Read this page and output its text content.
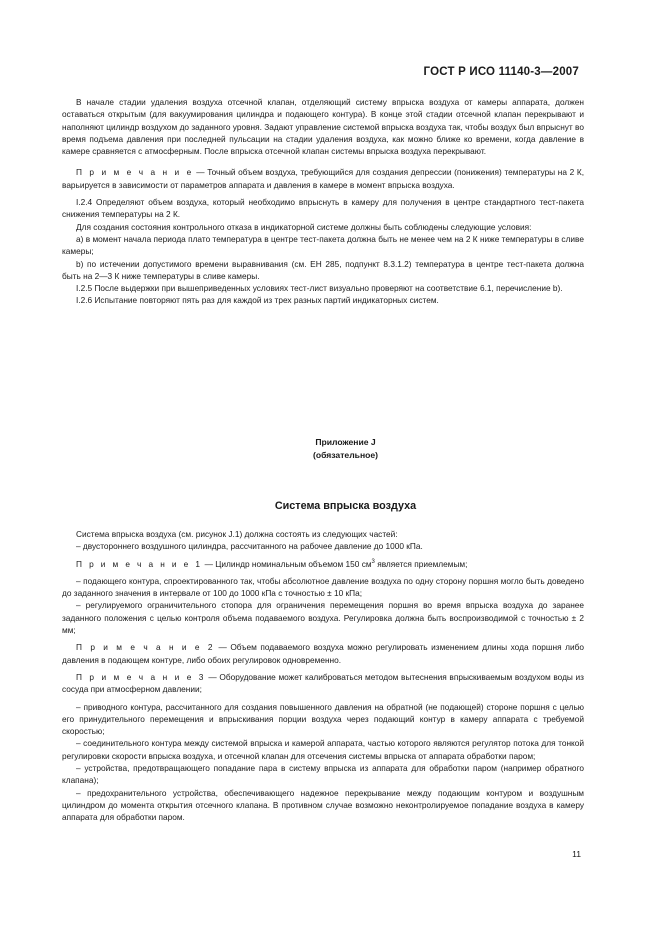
ГОСТ Р ИСО 11140-3—2007

В начале стадии удаления воздуха отсечной клапан, отделяющий систему впрыска воздуха от камеры аппарата, должен оставаться открытым (для вакуумирования цилиндра и подающего контура). В конце этой стадии отсечной клапан перекрывают и наполняют цилиндр воздухом до заданного уровня. Задают управление системой впрыска воздуха так, чтобы воздух был впрыснут во время подъема давления при последней пульсации на стадии удаления воздуха, как можно ближе ко времени, когда давление в камере сравняется с атмосферным. После впрыска отсечной клапан системы впрыска воздуха перекрывают.

П р и м е ч а н и е — Точный объем воздуха, требующийся для создания депрессии (понижения) температуры на 2 К, варьируется в зависимости от параметров аппарата и давления в камере в момент впрыска воздуха.

I.2.4 Определяют объем воздуха, который необходимо впрыснуть в камеру для получения в центре стандартного тест-пакета снижения температуры на 2 К.

Для создания состояния контрольного отказа в индикаторной системе должны быть соблюдены следующие условия:

a) в момент начала периода плато температура в центре тест-пакета должна быть не менее чем на 2 К ниже температуры в сливе камеры;

b) по истечении допустимого времени выравнивания (см. ЕН 285, подпункт 8.3.1.2) температура в центре тест-пакета должна быть на 2—3 К ниже температуры в сливе камеры.

I.2.5 После выдержки при вышеприведенных условиях тест-лист визуально проверяют на соответствие 6.1, перечисление b).

I.2.6 Испытание повторяют пять раз для каждой из трех разных партий индикаторных систем.

Приложение J
(обязательное)
Система впрыска воздуха

Система впрыска воздуха (см. рисунок J.1) должна состоять из следующих частей:

– двустороннего воздушного цилиндра, рассчитанного на рабочее давление до 1000 кПа.

П р и м е ч а н и е 1 — Цилиндр номинальным объемом 150 $см^3$ является приемлемым;

– подающего контура, спроектированного так, чтобы абсолютное давление воздуха по одну сторону поршня могло быть доведено до заданного значения в интервале от 100 до 1000 кПа с точностью ± 10 кПа;

– регулируемого ограничительного стопора для ограничения перемещения поршня во время впрыска воздуха до заранее заданного положения с целью контроля объема подаваемого воздуха. Регулировка должна быть воспроизводимой с точностью ± 2 мм;

П р и м е ч а н и е 2 — Объем подаваемого воздуха можно регулировать изменением длины хода поршня либо давления в подающем контуре, либо обоих регулировок одновременно.

П р и м е ч а н и е 3 — Оборудование может калиброваться методом вытеснения впрыскиваемым воздухом воды из сосуда при атмосферном давлении;

– приводного контура, рассчитанного для создания повышенного давления на обратной (не подающей) стороне поршня с целью его принудительного перемещения и впрыскивания порции воздуха через подающий контур в камеру аппарата с требуемой скоростью;

– соединительного контура между системой впрыска и камерой аппарата, частью которого являются регулятор потока для тонкой регулировки скорости впрыска воздуха, и отсечной клапан для отсечения системы впрыска от аппарата обработки паром;

– устройства, предотвращающего попадание пара в систему впрыска из аппарата для обработки паром (например обратного клапана);

– предохранительного устройства, обеспечивающего надежное перекрывание между подающим контуром и воздушным цилиндром до момента открытия отсечного клапана. В противном случае возможно неконтролируемое попадание воздуха в камеру аппарата для обработки паром.

11
